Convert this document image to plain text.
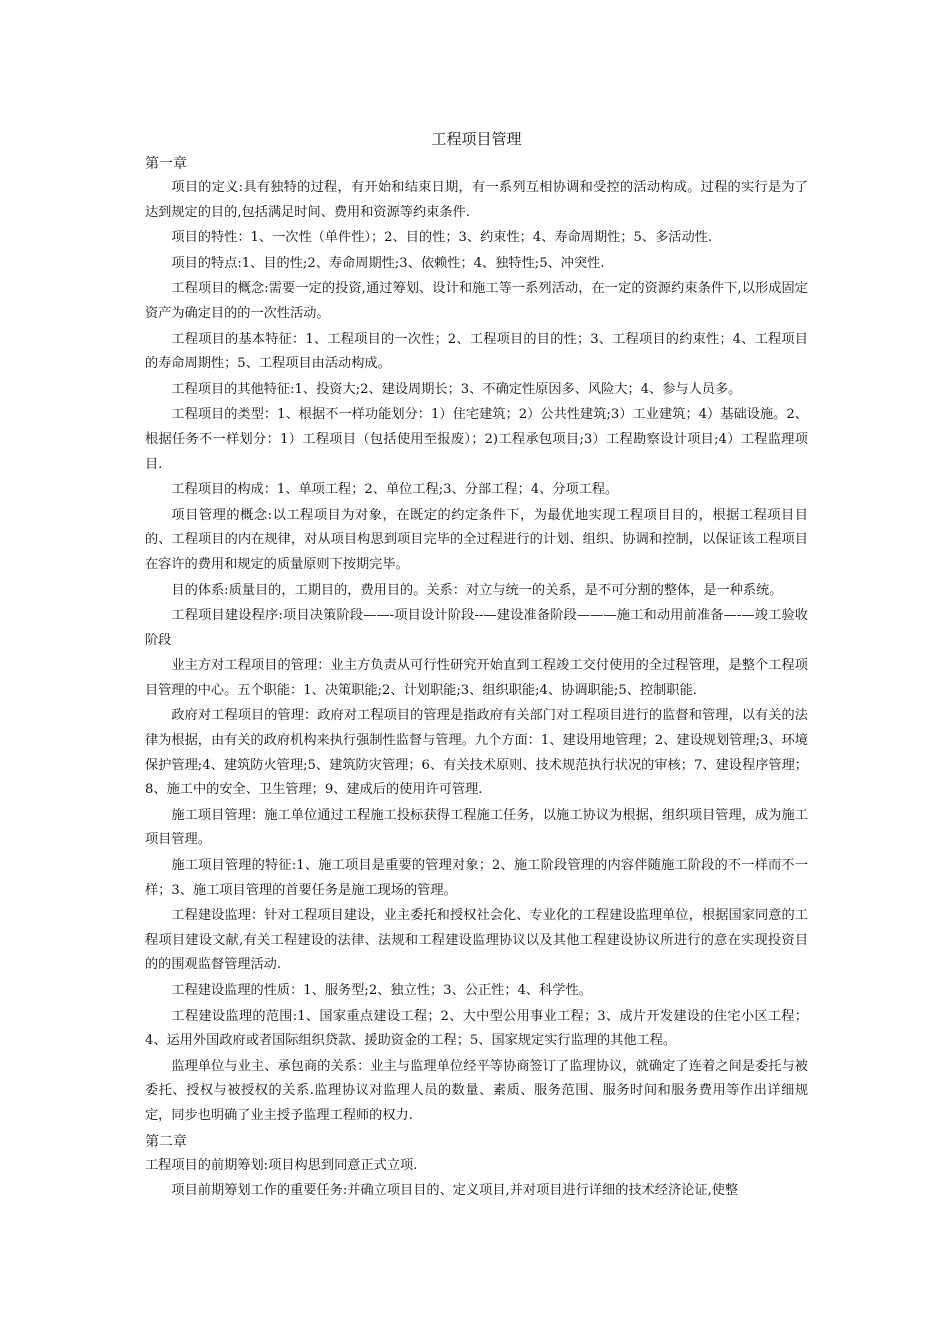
工程项目管理
第一章

项目的定义:具有独特的过程，有开始和结束日期，有一系列互相协调和受控的活动构成。过程的实行是为了达到规定的目的,包括满足时间、费用和资源等约束条件.

项目的特性：1、一次性（单件性）；2、目的性；3、约束性；4、寿命周期性；5、多活动性.

项目的特点:1、目的性;2、寿命周期性;3、依赖性；4、独特性;5、冲突性.

工程项目的概念:需要一定的投资,通过筹划、设计和施工等一系列活动，在一定的资源约束条件下,以形成固定资产为确定目的的一次性活动。

工程项目的基本特征：1、工程项目的一次性；2、工程项目的目的性；3、工程项目的约束性；4、工程项目的寿命周期性；5、工程项目由活动构成。

工程项目的其他特征:1、投资大;2、建设周期长；3、不确定性原因多、风险大；4、参与人员多。

工程项目的类型：1、根据不一样功能划分：1）住宅建筑；2）公共性建筑;3）工业建筑；4）基础设施。2、根据任务不一样划分：1）工程项目（包括使用至报废）；2)工程承包项目;3）工程勘察设计项目;4）工程监理项目.

工程项目的构成：1、单项工程；2、单位工程;3、分部工程；4、分项工程。

项目管理的概念:以工程项目为对象，在既定的约定条件下，为最优地实现工程项目目的，根据工程项目目的、工程项目的内在规律，对从项目构思到项目完毕的全过程进行的计划、组织、协调和控制，以保证该工程项目在容许的费用和规定的质量原则下按期完毕。

目的体系:质量目的，工期目的，费用目的。关系：对立与统一的关系，是不可分割的整体，是一种系统。

工程项目建设程序:项目决策阶段——-项目设计阶段--—建设准备阶段———施工和动用前准备—-—竣工验收阶段

业主方对工程项目的管理：业主方负责从可行性研究开始直到工程竣工交付使用的全过程管理，是整个工程项目管理的中心。五个职能：1、决策职能;2、计划职能;3、组织职能;4、协调职能;5、控制职能.

政府对工程项目的管理：政府对工程项目的管理是指政府有关部门对工程项目进行的监督和管理，以有关的法律为根据，由有关的政府机构来执行强制性监督与管理。九个方面：1、建设用地管理；2、建设规划管理;3、环境保护管理;4、建筑防火管理;5、建筑防灾管理；6、有关技术原则、技术规范执行状况的审核；7、建设程序管理；8、施工中的安全、卫生管理；9、建成后的使用许可管理.

施工项目管理：施工单位通过工程施工投标获得工程施工任务，以施工协议为根据，组织项目管理，成为施工项目管理。

施工项目管理的特征:1、施工项目是重要的管理对象；2、施工阶段管理的内容伴随施工阶段的不一样而不一样；3、施工项目管理的首要任务是施工现场的管理。

工程建设监理：针对工程项目建设，业主委托和授权社会化、专业化的工程建设监理单位，根据国家同意的工程项目建设文献,有关工程建设的法律、法规和工程建设监理协议以及其他工程建设协议所进行的意在实现投资目的的围观监督管理活动.

工程建设监理的性质：1、服务型;2、独立性；3、公正性；4、科学性。

工程建设监理的范围:1、国家重点建设工程；2、大中型公用事业工程；3、成片开发建设的住宅小区工程；4、运用外国政府或者国际组织贷款、援助资金的工程；5、国家规定实行监理的其他工程。

监理单位与业主、承包商的关系：业主与监理单位经平等协商签订了监理协议，就确定了连着之间是委托与被委托、授权与被授权的关系.监理协议对监理人员的数量、素质、服务范围、服务时间和服务费用等作出详细规定，同步也明确了业主授予监理工程师的权力.

第二章

工程项目的前期筹划:项目构思到同意正式立项.

项目前期筹划工作的重要任务:并确立项目目的、定义项目,并对项目进行详细的技术经济论证,使整
